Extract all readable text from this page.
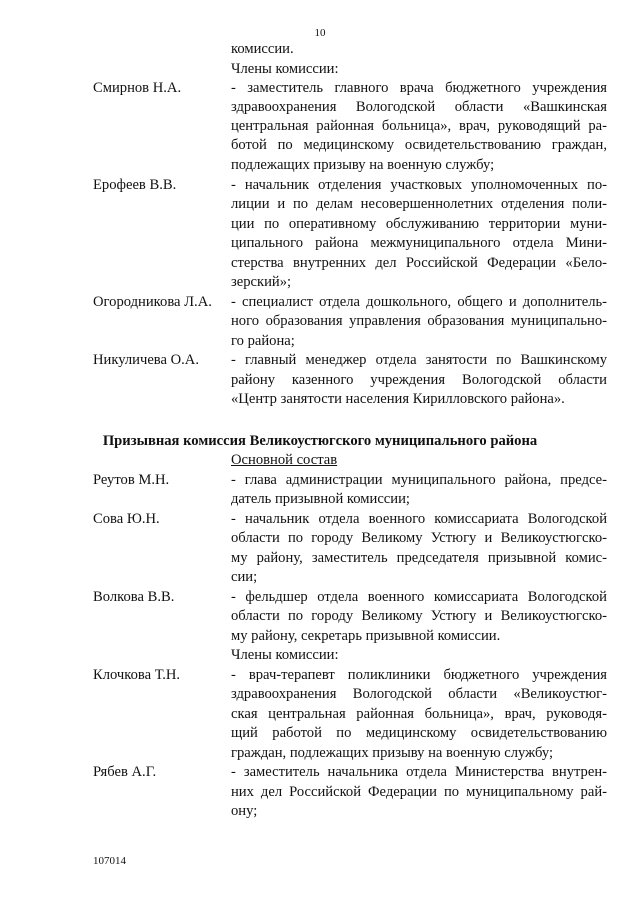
10
комиссии.
Члены комиссии:
Смирнов Н.А.	- заместитель главного врача бюджетного учреждения
здравоохранения Вологодской области «Вашкинская
центральная районная больница», врач, руководящий ра-
ботой по медицинскому освидетельствованию граждан,
подлежащих призыву на военную службу;
Ерофеев В.В.	- начальник отделения участковых уполномоченных по-
лиции и по делам несовершеннолетних отделения поли-
ции по оперативному обслуживанию территории муни-
ципального района межмуниципального отдела Мини-
стерства внутренних дел Российской Федерации «Бело-
зерский»;
Огородникова Л.А. - специалист отдела дошкольного, общего и дополнитель-
ного образования управления образования муниципально-
го района;
Никуличева О.А. - главный менеджер отдела занятости по Вашкинскому
району казенного учреждения Вологодской области
«Центр занятости населения Кирилловского района».
Призывная комиссия Великоустюгского муниципального района
Основной состав
Реутов М.Н.	- глава администрации муниципального района, предсе-
датель призывной комиссии;
Сова Ю.Н.	- начальник отдела военного комиссариата Вологодской
области по городу Великому Устюгу и Великоустюгско-
му району, заместитель председателя призывной комис-
сии;
Волкова В.В.	- фельдшер отдела военного комиссариата Вологодской
области по городу Великому Устюгу и Великоустюгско-
му району, секретарь призывной комиссии.
Члены комиссии:
Клочкова Т.Н.	- врач-терапевт поликлиники бюджетного учреждения
здравоохранения Вологодской области «Великоустюг-
ская центральная районная больница», врач, руководя-
щий работой по медицинскому освидетельствованию
граждан, подлежащих призыву на военную службу;
Рябев А.Г.	- заместитель начальника отдела Министерства внутрен-
них дел Российской Федерации по муниципальному рай-
ону;
107014
